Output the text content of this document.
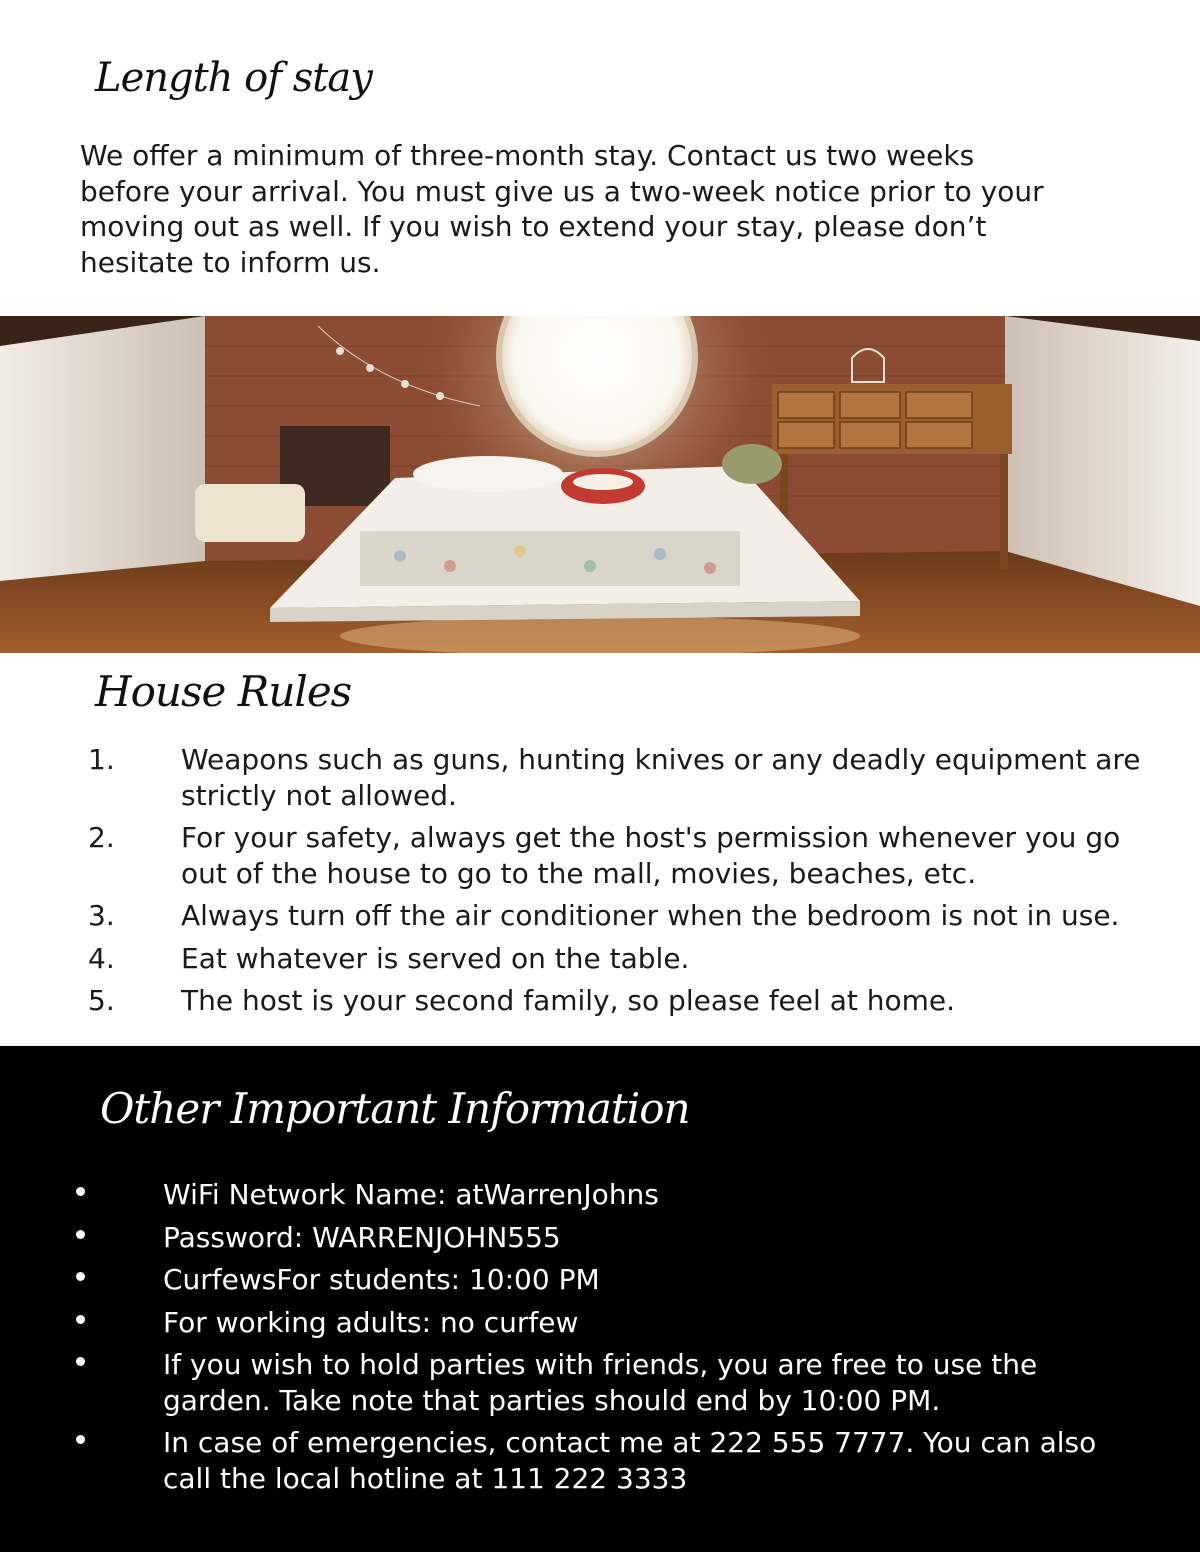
Length of stay

We offer a minimum of three-month stay. Contact us two weeks before your arrival. You must give us a two-week notice prior to your moving out as well. If you wish to extend your stay, please don’t hesitate to inform us.

House Rules
1. Weapons such as guns, hunting knives or any deadly equipment are strictly not allowed.
2. For your safety, always get the host's permission whenever you go out of the house to go to the mall, movies, beaches, etc.
3. Always turn off the air conditioner when the bedroom is not in use.
4. Eat whatever is served on the table.
5. The host is your second family, so please feel at home.
Other Important Information
WiFi Network Name: atWarrenJohns
Password: WARRENJOHN555
CurfewsFor students: 10:00 PM
For working adults: no curfew
If you wish to hold parties with friends, you are free to use the garden. Take note that parties should end by 10:00 PM.
In case of emergencies, contact me at 222 555 7777. You can also call the local hotline at 111 222 3333
